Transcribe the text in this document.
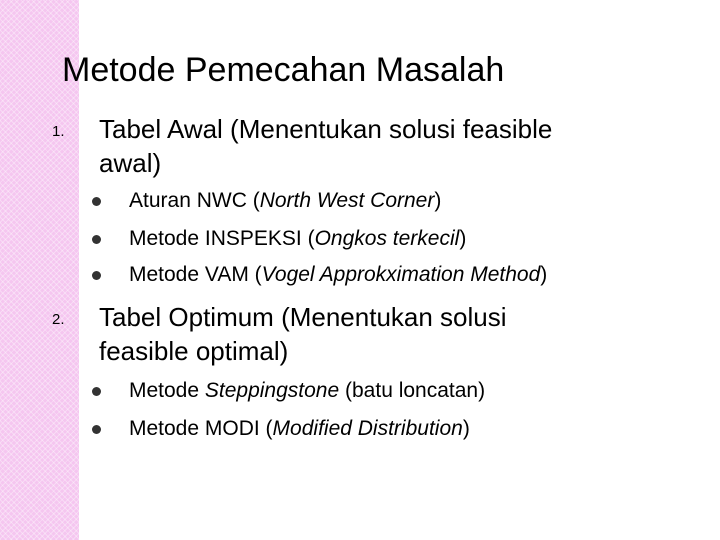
Metode Pemecahan Masalah
1. Tabel Awal (Menentukan solusi feasible
awal)
Aturan NWC (North West Corner)
Metode INSPEKSI (Ongkos terkecil)
Metode VAM (Vogel Approkximation Method)
2. Tabel Optimum (Menentukan solusi
feasible optimal)
Metode Steppingstone (batu loncatan)
Metode MODI (Modified Distribution)
